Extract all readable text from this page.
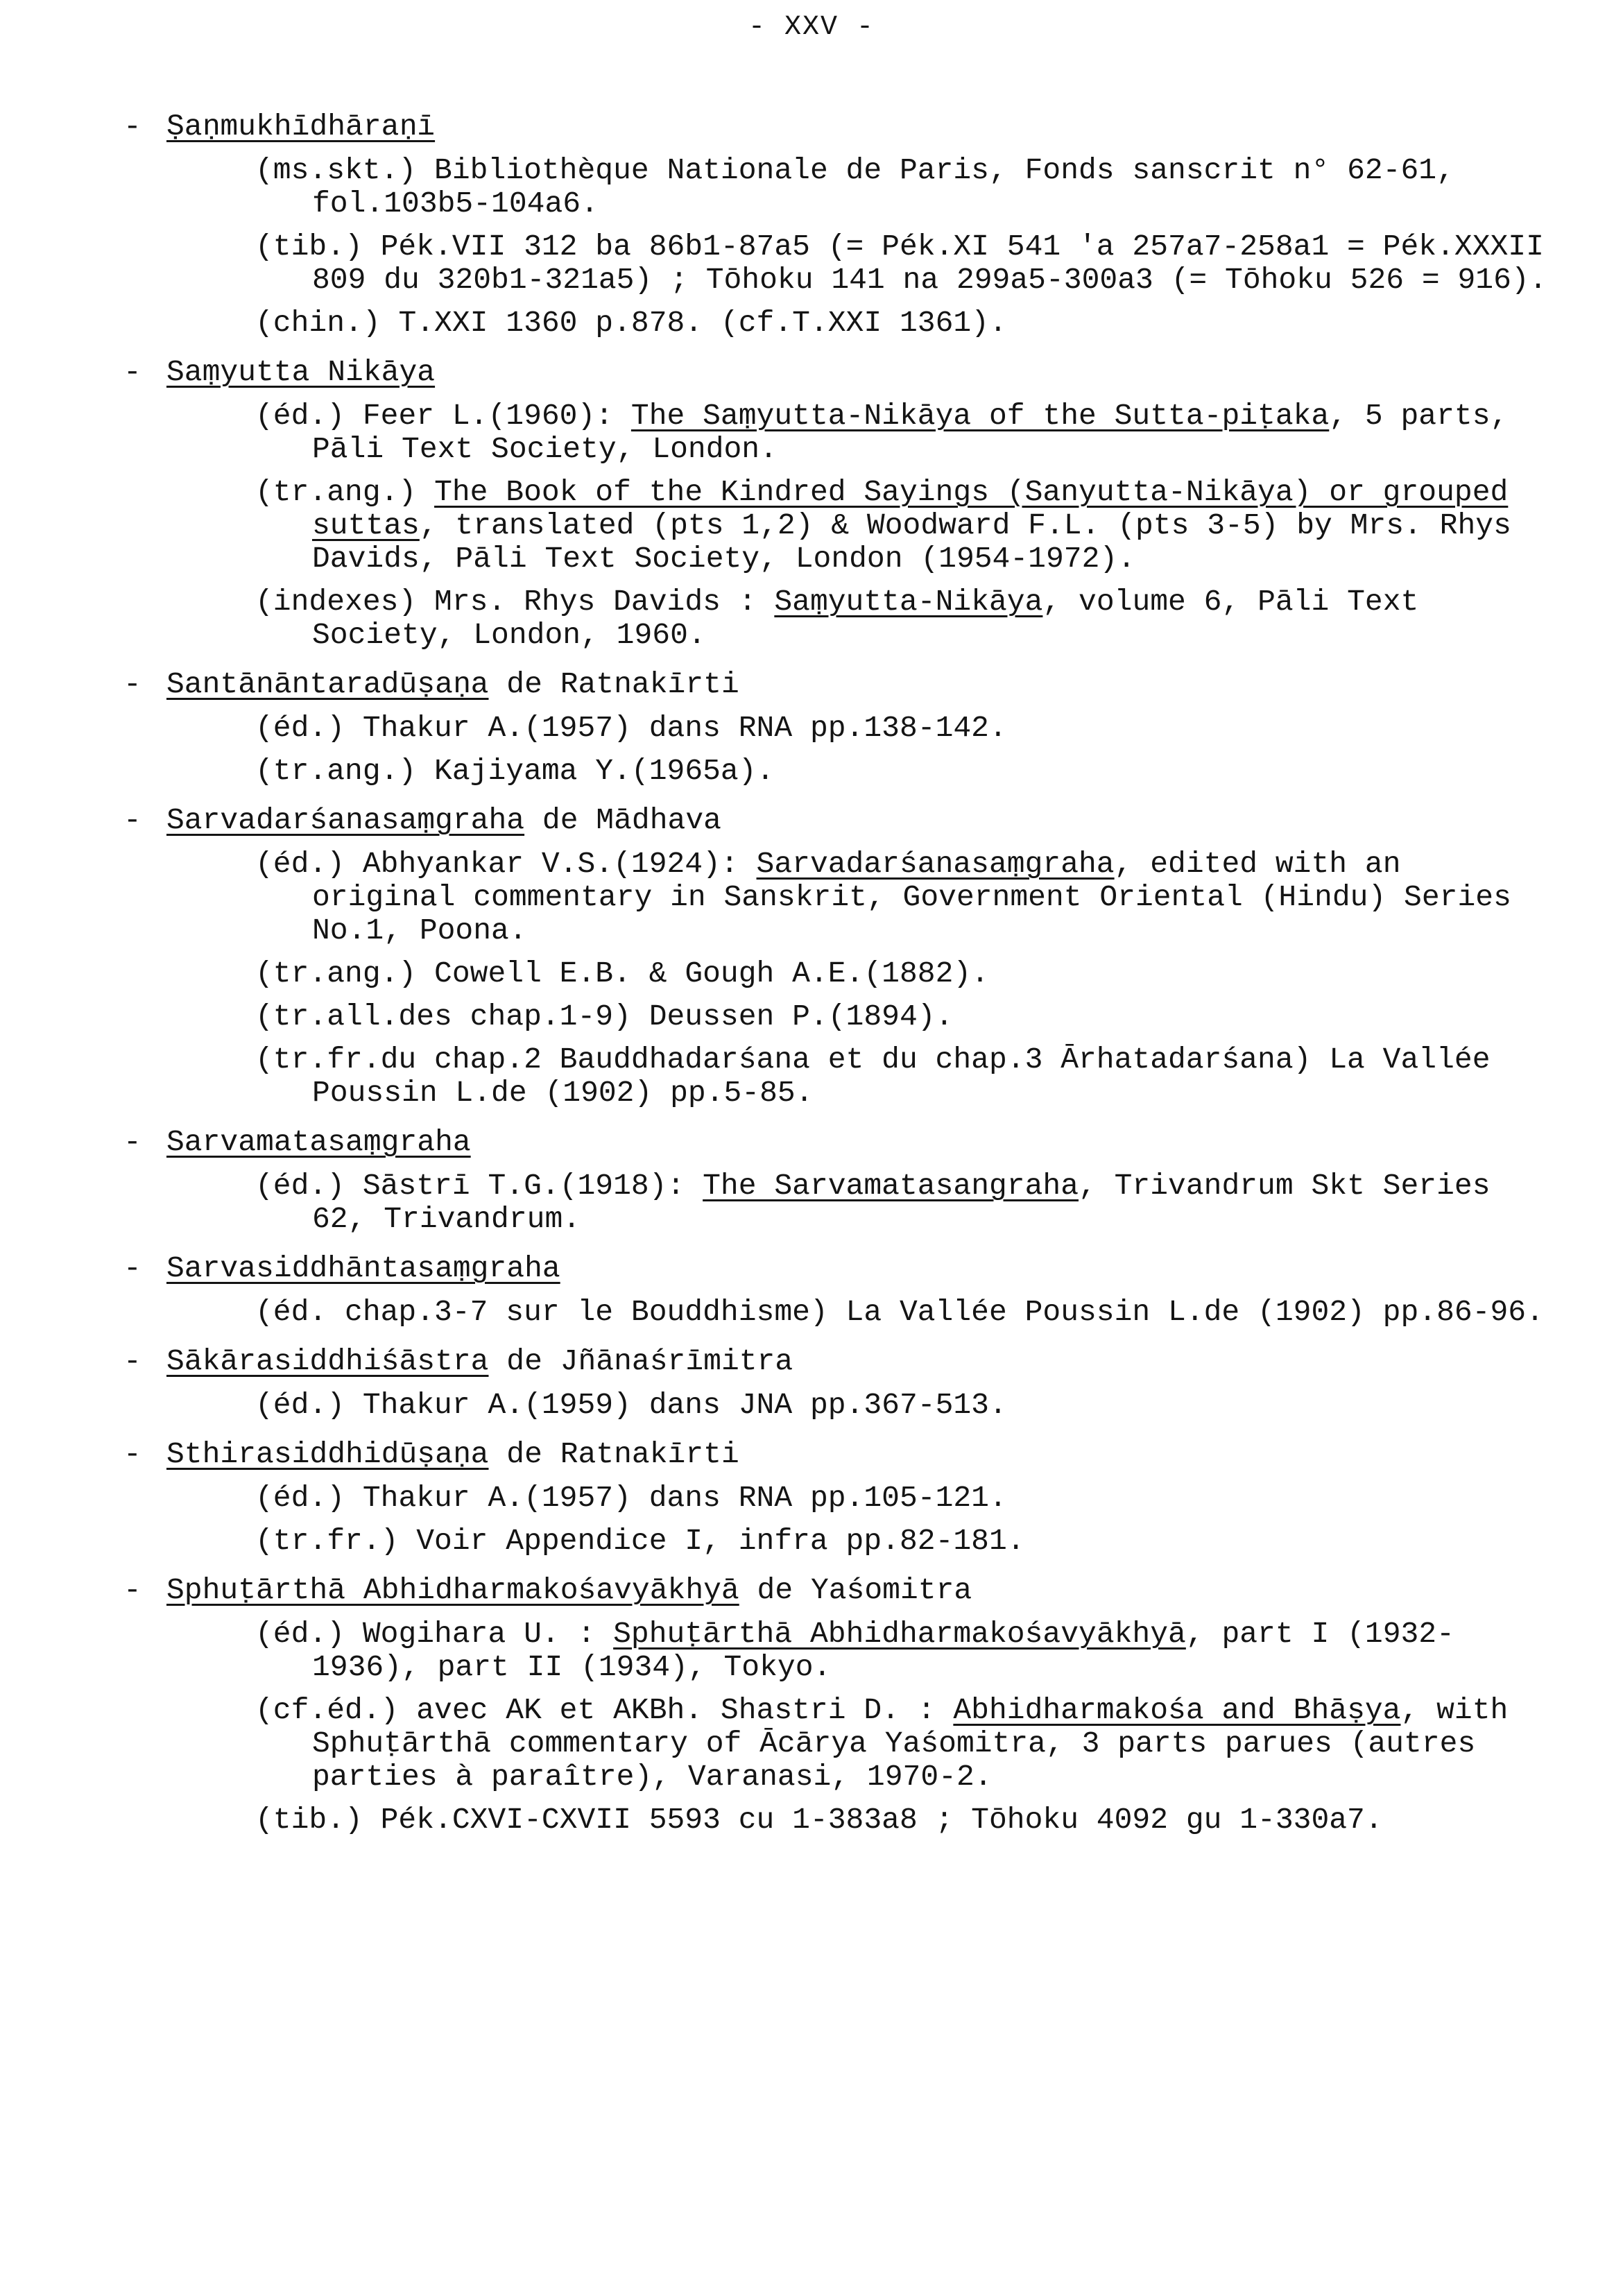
- XXV -
- Ṣaṇmukhīdhāraṇī
(ms.skt.) Bibliothèque Nationale de Paris, Fonds sanscrit n° 62-61, fol.103b5-104a6.
(tib.) Pék.VII 312 ba 86b1-87a5 (= Pék.XI 541 'a 257a7-258a1 = Pék.XXXII 809 du 320b1-321a5) ; Tōhoku 141 na 299a5-300a3 (= Tōhoku 526 = 916).
(chin.) T.XXI 1360 p.878. (cf.T.XXI 1361).
- Saṃyutta Nikāya
(éd.) Feer L.(1960): The Saṃyutta-Nikāya of the Sutta-piṭaka, 5 parts, Pāli Text Society, London.
(tr.ang.) The Book of the Kindred Sayings (Sanyutta-Nikāya) or grouped suttas, translated (pts 1,2) & Woodward F.L. (pts 3-5) by Mrs. Rhys Davids, Pāli Text Society, London (1954-1972).
(indexes) Mrs. Rhys Davids : Saṃyutta-Nikāya, volume 6, Pāli Text Society, London, 1960.
- Santānāntaradūṣaṇa de Ratnakīrti
(éd.) Thakur A.(1957) dans RNA pp.138-142.
(tr.ang.) Kajiyama Y.(1965a).
- Sarvadarśanasaṃgraha de Mādhava
(éd.) Abhyankar V.S.(1924): Sarvadarśanasaṃgraha, edited with an original commentary in Sanskrit, Government Oriental (Hindu) Series No.1, Poona.
(tr.ang.) Cowell E.B. & Gough A.E.(1882).
(tr.all.des chap.1-9) Deussen P.(1894).
(tr.fr.du chap.2 Bauddhadarśana et du chap.3 Ārhatadarśana) La Vallée Poussin L.de (1902) pp.5-85.
- Sarvamatasaṃgraha
(éd.) Sāstrī T.G.(1918): The Sarvamatasangraha, Trivandrum Skt Series 62, Trivandrum.
- Sarvasiddhāntasaṃgraha
(éd. chap.3-7 sur le Bouddhisme) La Vallée Poussin L.de (1902) pp.86-96.
- Sākārasiddhiśāstra de Jñānaśrīmitra
(éd.) Thakur A.(1959) dans JNA pp.367-513.
- Sthirasiddhidūṣaṇa de Ratnakīrti
(éd.) Thakur A.(1957) dans RNA pp.105-121.
(tr.fr.) Voir Appendice I, infra pp.82-181.
- Sphuṭārthā Abhidharmakośavyākhyā de Yaśomitra
(éd.) Wogihara U. : Sphuṭārthā Abhidharmakośavyākhyā, part I (1932-1936), part II (1934), Tokyo.
(cf.éd.) avec AK et AKBh. Shastri D. : Abhidharmakośa and Bhāṣya, with Sphuṭārthā commentary of Ācārya Yaśomitra, 3 parts parues (autres parties à paraître), Varanasi, 1970-2.
(tib.) Pék.CXVI-CXVII 5593 cu 1-383a8 ; Tōhoku 4092 gu 1-330a7.
